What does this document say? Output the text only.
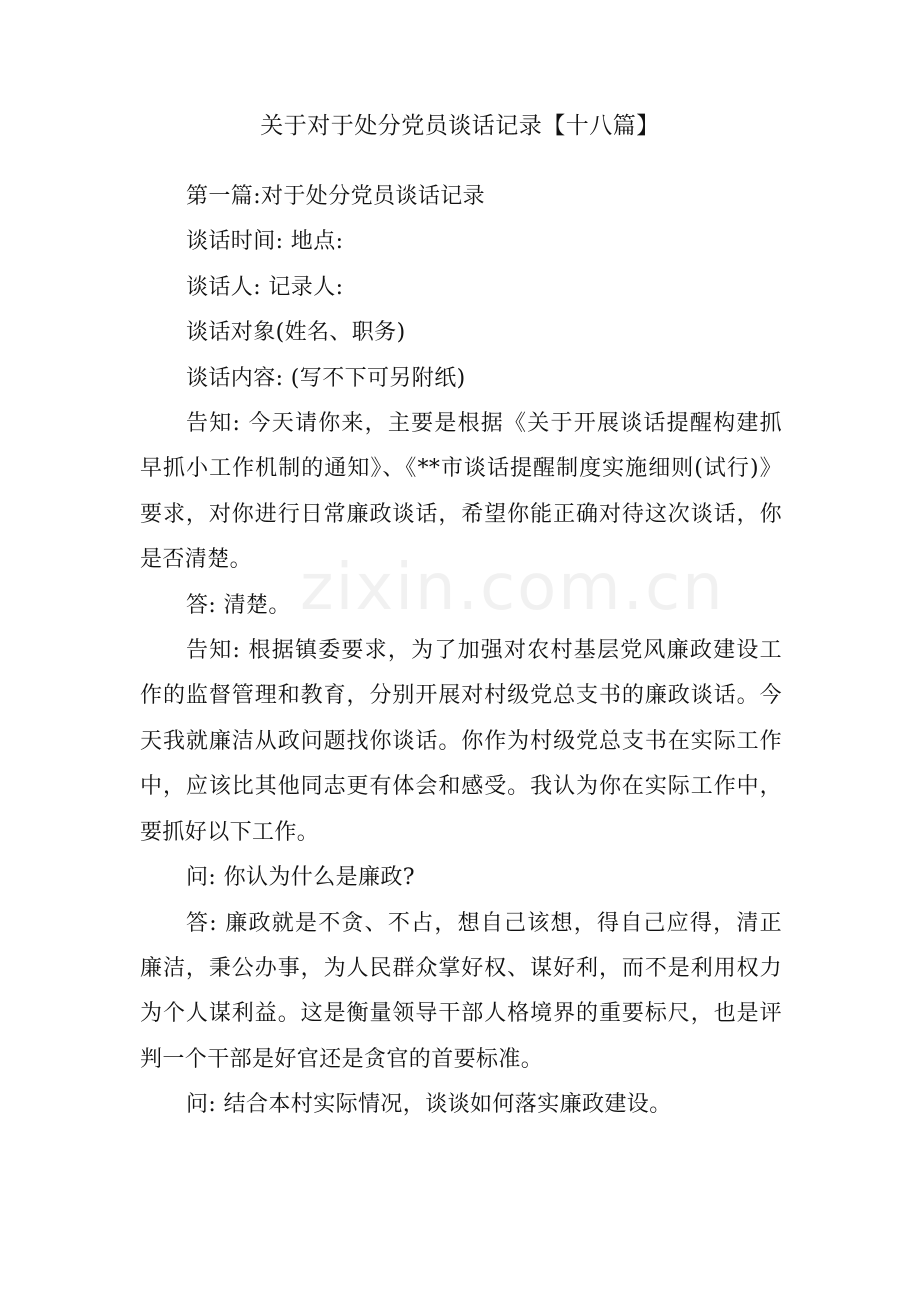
关于对于处分党员谈话记录【十八篇】

第一篇:对于处分党员谈话记录

谈话时间: 地点:

谈话人: 记录人:

谈话对象(姓名、职务)

谈话内容: (写不下可另附纸)

告知: 今天请你来，主要是根据《关于开展谈话提醒构建抓早抓小工作机制的通知》、《**市谈话提醒制度实施细则(试行)》要求，对你进行日常廉政谈话，希望你能正确对待这次谈话，你是否清楚。

答: 清楚。

告知: 根据镇委要求，为了加强对农村基层党风廉政建设工作的监督管理和教育，分别开展对村级党总支书的廉政谈话。今天我就廉洁从政问题找你谈话。你作为村级党总支书在实际工作中，应该比其他同志更有体会和感受。我认为你在实际工作中，要抓好以下工作。

问: 你认为什么是廉政?

答: 廉政就是不贪、不占，想自己该想，得自己应得，清正廉洁，秉公办事，为人民群众掌好权、谋好利，而不是利用权力为个人谋利益。这是衡量领导干部人格境界的重要标尺，也是评判一个干部是好官还是贪官的首要标准。

问: 结合本村实际情况，谈谈如何落实廉政建设。

zixin.com.cn
